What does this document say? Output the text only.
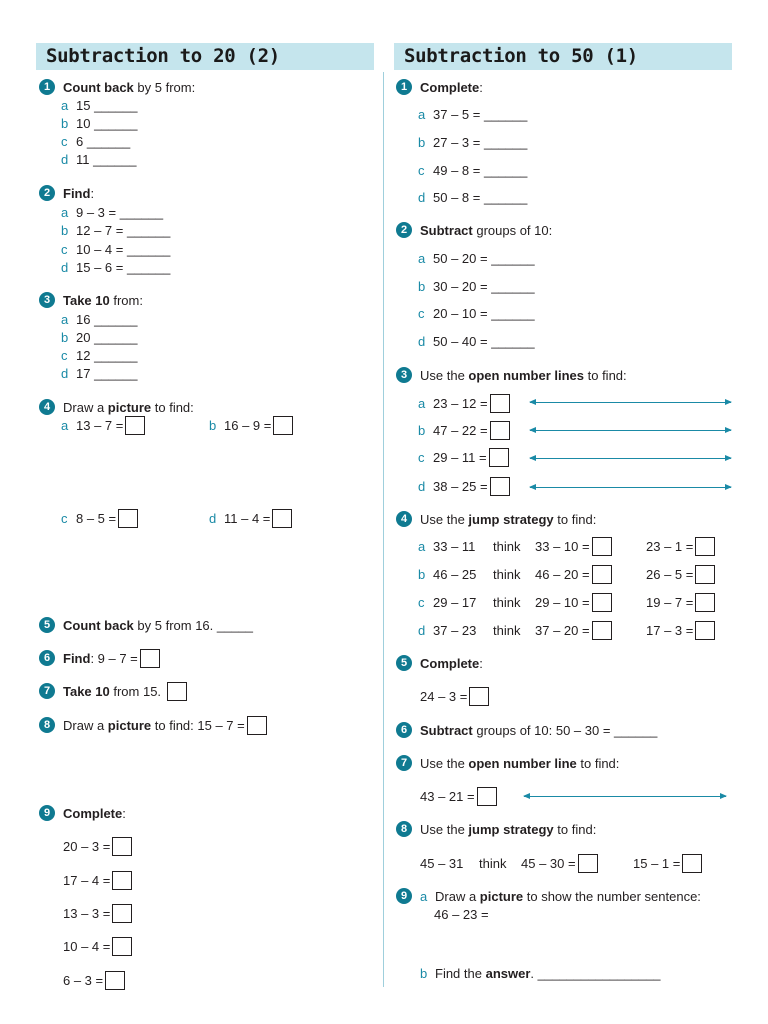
Subtraction to 20 (2)	Subtraction to 50 (1)
1 Count back by 5 from:
a 15 ______
b 10 ______
c 6 ______
d 11 ______
2 Find:
a 9 – 3 = ______
b 12 – 7 = ______
c 10 – 4 = ______
d 15 – 6 = ______
3 Take 10 from:
a 16 ______
b 20 ______
c 12 ______
d 17 ______
4 Draw a picture to find:
a 13 – 7 =	b 16 – 9 =
c 8 – 5 =	d 11 – 4 =
5 Count back by 5 from 16. _____
6 Find: 9 – 7 =
7 Take 10 from 15.
8 Draw a picture to find: 15 – 7 =
9 Complete:
20 – 3 =
17 – 4 =
13 – 3 =
10 – 4 =
6 – 3 =
1 Complete:
a 37 – 5 = ______
b 27 – 3 = ______
c 49 – 8 = ______
d 50 – 8 = ______
2 Subtract groups of 10:
a 50 – 20 = ______
b 30 – 20 = ______
c 20 – 10 = ______
d 50 – 40 = ______
3 Use the open number lines to find:
a 23 – 12 =
b 47 – 22 =
c 29 – 11 =
d 38 – 25 =
4 Use the jump strategy to find:
a 33 – 11 think 33 – 10 =	23 – 1 =
b 46 – 25 think 46 – 20 =	26 – 5 =
c 29 – 17 think 29 – 10 =	19 – 7 =
d 37 – 23 think 37 – 20 =	17 – 3 =
5 Complete:
24 – 3 =
6 Subtract groups of 10: 50 – 30 = ______
7 Use the open number line to find:
43 – 21 =
8 Use the jump strategy to find:
45 – 31 think 45 – 30 =	15 – 1 =
9 a Draw a picture to show the number sentence:
46 – 23 =
b Find the answer. _________________
